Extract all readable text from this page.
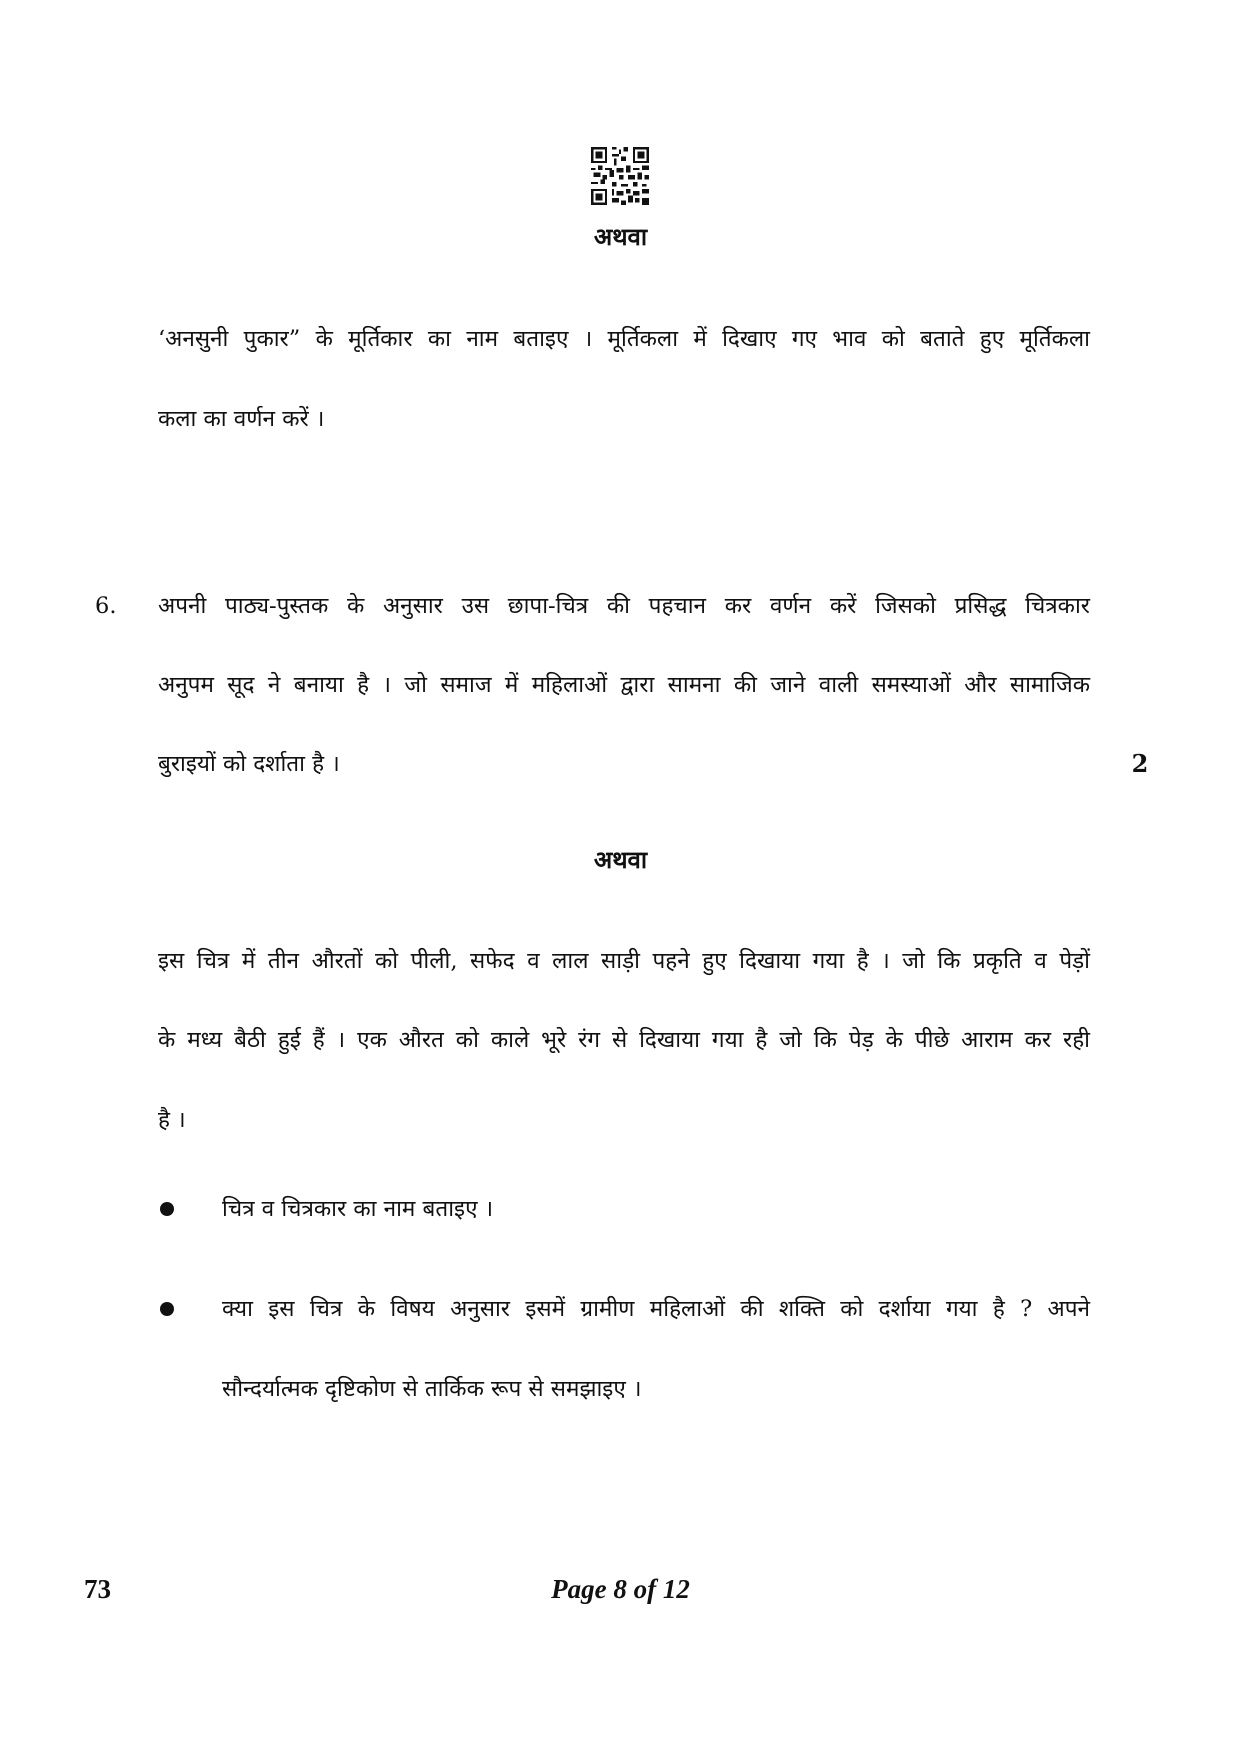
अथवा
‘अनसुनी पुकार” के मूर्तिकार का नाम बताइए । मूर्तिकला में दिखाए गए भाव को बताते हुए मूर्तिकला
कला का वर्णन करें ।
6. अपनी पाठ्य-पुस्तक के अनुसार उस छापा-चित्र की पहचान कर वर्णन करें जिसको प्रसिद्ध चित्रकार
अनुपम सूद ने बनाया है । जो समाज में महिलाओं द्वारा सामना की जाने वाली समस्याओं और सामाजिक
बुराइयों को दर्शाता है ।	2
अथवा
इस चित्र में तीन औरतों को पीली, सफेद व लाल साड़ी पहने हुए दिखाया गया है । जो कि प्रकृति व पेड़ों
के मध्य बैठी हुई हैं । एक औरत को काले भूरे रंग से दिखाया गया है जो कि पेड़ के पीछे आराम कर रही
है ।
चित्र व चित्रकार का नाम बताइए ।
क्या इस चित्र के विषय अनुसार इसमें ग्रामीण महिलाओं की शक्ति को दर्शाया गया है ? अपने
सौन्दर्यात्मक दृष्टिकोण से तार्किक रूप से समझाइए ।
73	Page 8 of 12
